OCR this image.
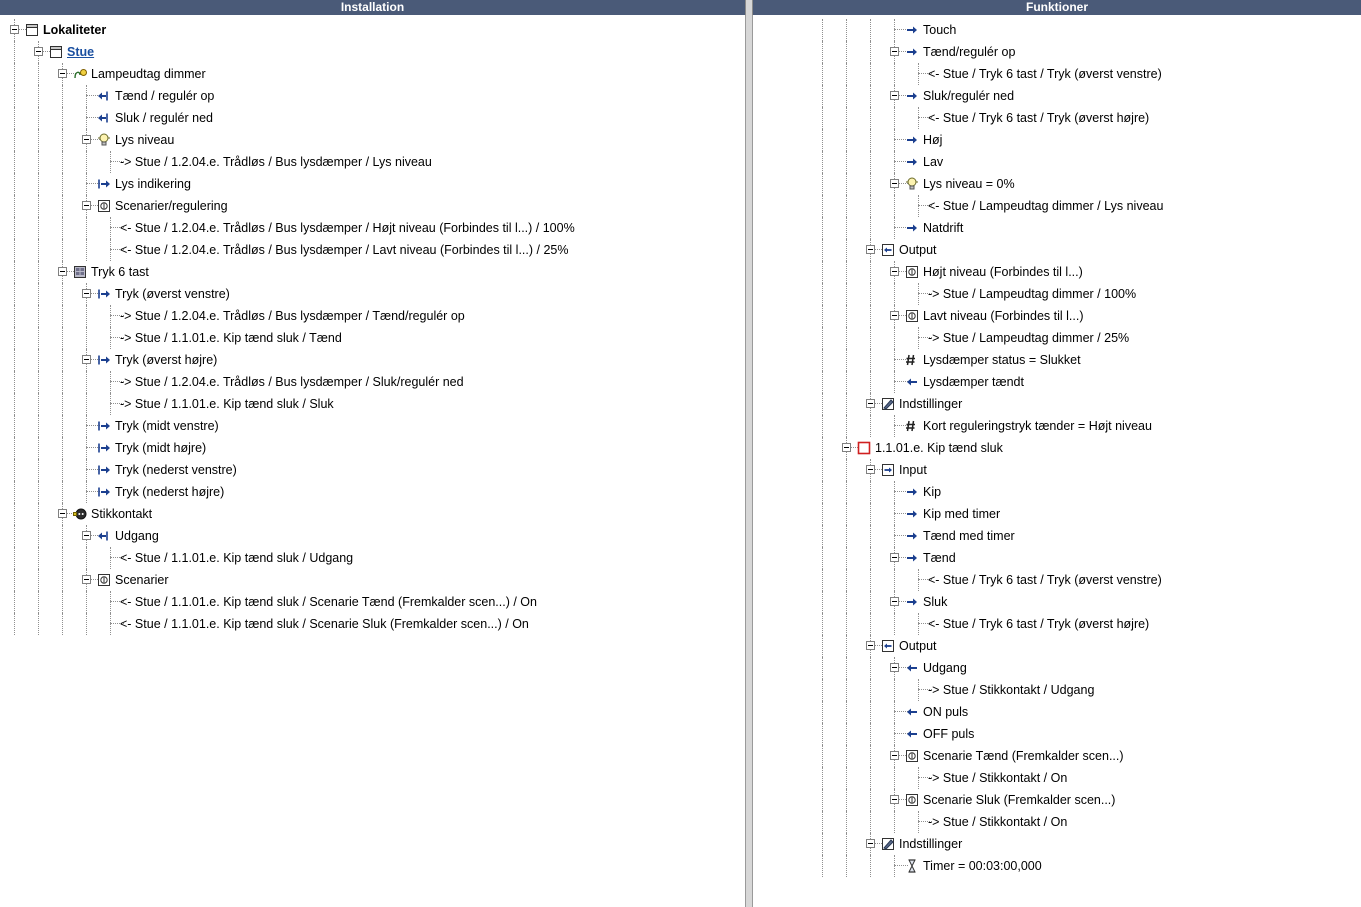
Installation	Funktioner
Lokaliteter
Stue
Lampeudtag dimmer
Tænd / regulér op
Sluk / regulér ned
Lys niveau
-> Stue / 1.2.04.e. Trådløs / Bus lysdæmper / Lys niveau
Lys indikering
Scenarier/regulering
<- Stue / 1.2.04.e. Trådløs / Bus lysdæmper / Højt niveau (Forbindes til l...) / 100%
<- Stue / 1.2.04.e. Trådløs / Bus lysdæmper / Lavt niveau (Forbindes til l...) / 25%
Tryk 6 tast
Tryk (øverst venstre)
-> Stue / 1.2.04.e. Trådløs / Bus lysdæmper / Tænd/regulér op
-> Stue / 1.1.01.e. Kip tænd sluk / Tænd
Tryk (øverst højre)
-> Stue / 1.2.04.e. Trådløs / Bus lysdæmper / Sluk/regulér ned
-> Stue / 1.1.01.e. Kip tænd sluk / Sluk
Tryk (midt venstre)
Tryk (midt højre)
Tryk (nederst venstre)
Tryk (nederst højre)
Stikkontakt
Udgang
<- Stue / 1.1.01.e. Kip tænd sluk / Udgang
Scenarier
<- Stue / 1.1.01.e. Kip tænd sluk / Scenarie Tænd (Fremkalder scen...) / On
<- Stue / 1.1.01.e. Kip tænd sluk / Scenarie Sluk (Fremkalder scen...) / On
Touch
Tænd/regulér op
<- Stue / Tryk 6 tast / Tryk (øverst venstre)
Sluk/regulér ned
<- Stue / Tryk 6 tast / Tryk (øverst højre)
Høj
Lav
Lys niveau = 0%
<- Stue / Lampeudtag dimmer / Lys niveau
Natdrift
Output
Højt niveau (Forbindes til l...)
-> Stue / Lampeudtag dimmer / 100%
Lavt niveau (Forbindes til l...)
-> Stue / Lampeudtag dimmer / 25%
Lysdæmper status = Slukket
Lysdæmper tændt
Indstillinger
Kort reguleringstryk tænder = Højt niveau
1.1.01.e. Kip tænd sluk
Input
Kip
Kip med timer
Tænd med timer
Tænd
<- Stue / Tryk 6 tast / Tryk (øverst venstre)
Sluk
<- Stue / Tryk 6 tast / Tryk (øverst højre)
Output
Udgang
-> Stue / Stikkontakt / Udgang
ON puls
OFF puls
Scenarie Tænd (Fremkalder scen...)
-> Stue / Stikkontakt / On
Scenarie Sluk (Fremkalder scen...)
-> Stue / Stikkontakt / On
Indstillinger
Timer = 00:03:00,000
